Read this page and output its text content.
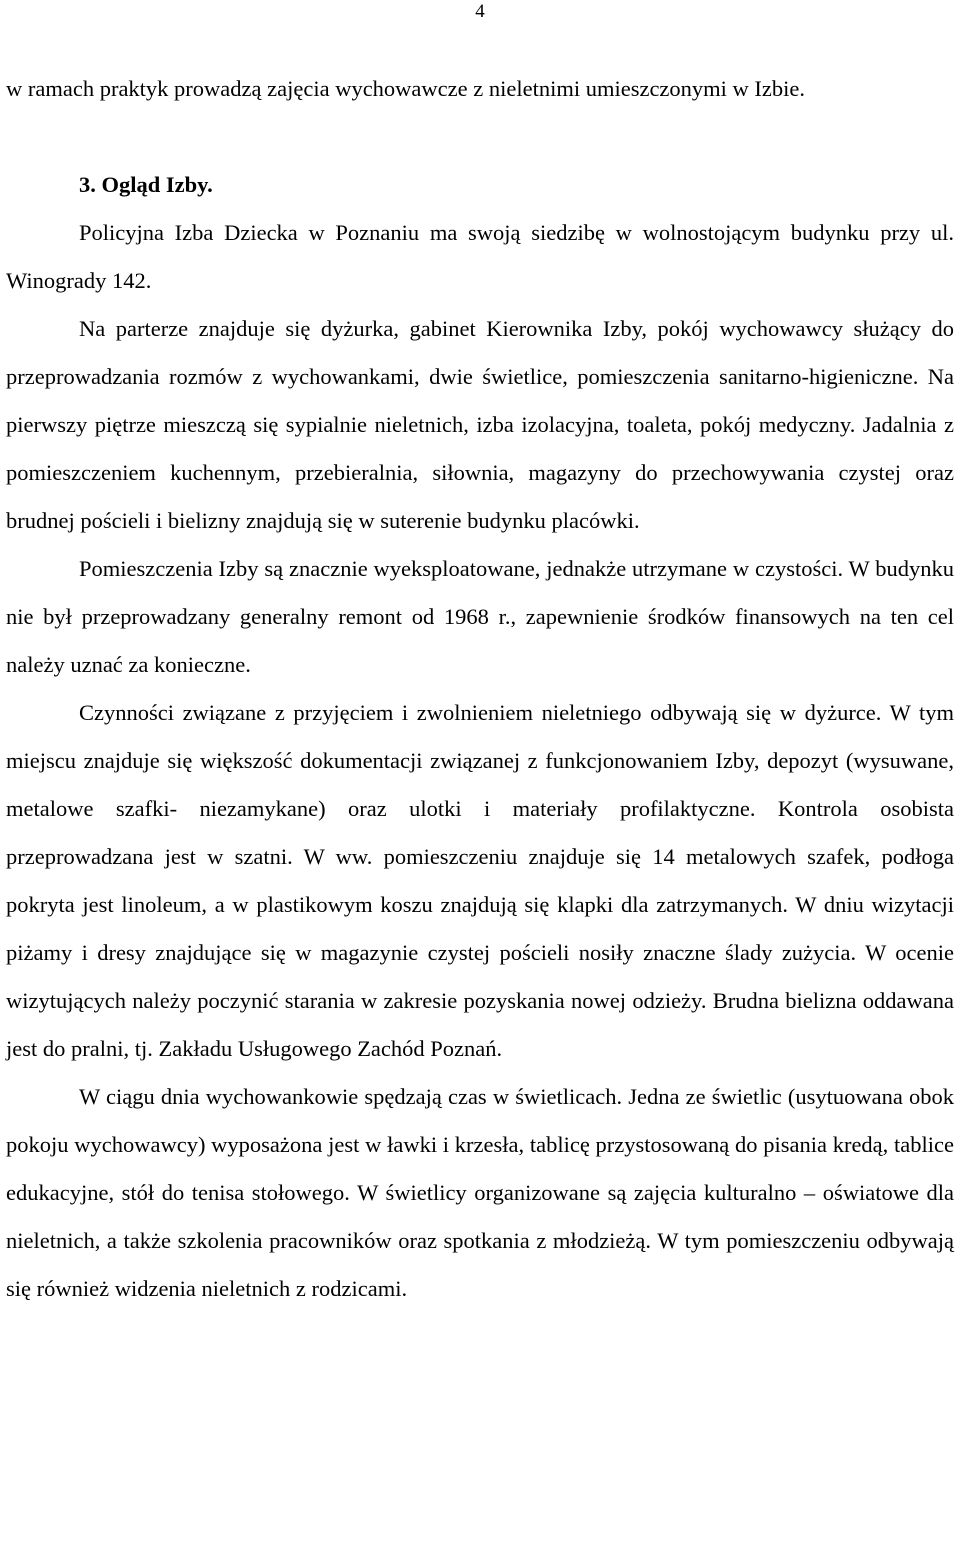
4

w ramach praktyk prowadzą zajęcia wychowawcze z nieletnimi umieszczonymi w Izbie.

3. Ogląd Izby.

Policyjna Izba Dziecka w Poznaniu ma swoją siedzibę w wolnostojącym budynku przy ul. Winogrady 142.

Na parterze znajduje się dyżurka, gabinet Kierownika Izby, pokój wychowawcy służący do przeprowadzania rozmów z wychowankami, dwie świetlice, pomieszczenia sanitarno-higieniczne. Na pierwszy piętrze mieszczą się sypialnie nieletnich, izba izolacyjna, toaleta, pokój medyczny. Jadalnia z pomieszczeniem kuchennym, przebieralnia, siłownia, magazyny do przechowywania czystej oraz brudnej pościeli i bielizny znajdują się w suterenie budynku placówki.

Pomieszczenia Izby są znacznie wyeksploatowane, jednakże utrzymane w czystości. W budynku nie był przeprowadzany generalny remont od 1968 r., zapewnienie środków finansowych na ten cel należy uznać za konieczne.

Czynności związane z przyjęciem i zwolnieniem nieletniego odbywają się w dyżurce. W tym miejscu znajduje się większość dokumentacji związanej z funkcjonowaniem Izby, depozyt (wysuwane, metalowe szafki- niezamykane) oraz ulotki i materiały profilaktyczne. Kontrola osobista przeprowadzana jest w szatni. W ww. pomieszczeniu znajduje się 14 metalowych szafek, podłoga pokryta jest linoleum, a w plastikowym koszu znajdują się klapki dla zatrzymanych. W dniu wizytacji piżamy i dresy znajdujące się w magazynie czystej pościeli nosiły znaczne ślady zużycia. W ocenie wizytujących należy poczynić starania w zakresie pozyskania nowej odzieży. Brudna bielizna oddawana jest do pralni, tj. Zakładu Usługowego Zachód Poznań.

W ciągu dnia wychowankowie spędzają czas w świetlicach. Jedna ze świetlic (usytuowana obok pokoju wychowawcy) wyposażona jest w ławki i krzesła, tablicę przystosowaną do pisania kredą, tablice edukacyjne, stół do tenisa stołowego. W świetlicy organizowane są zajęcia kulturalno – oświatowe dla nieletnich, a także szkolenia pracowników oraz spotkania z młodzieżą. W tym pomieszczeniu odbywają się również widzenia nieletnich z rodzicami.
